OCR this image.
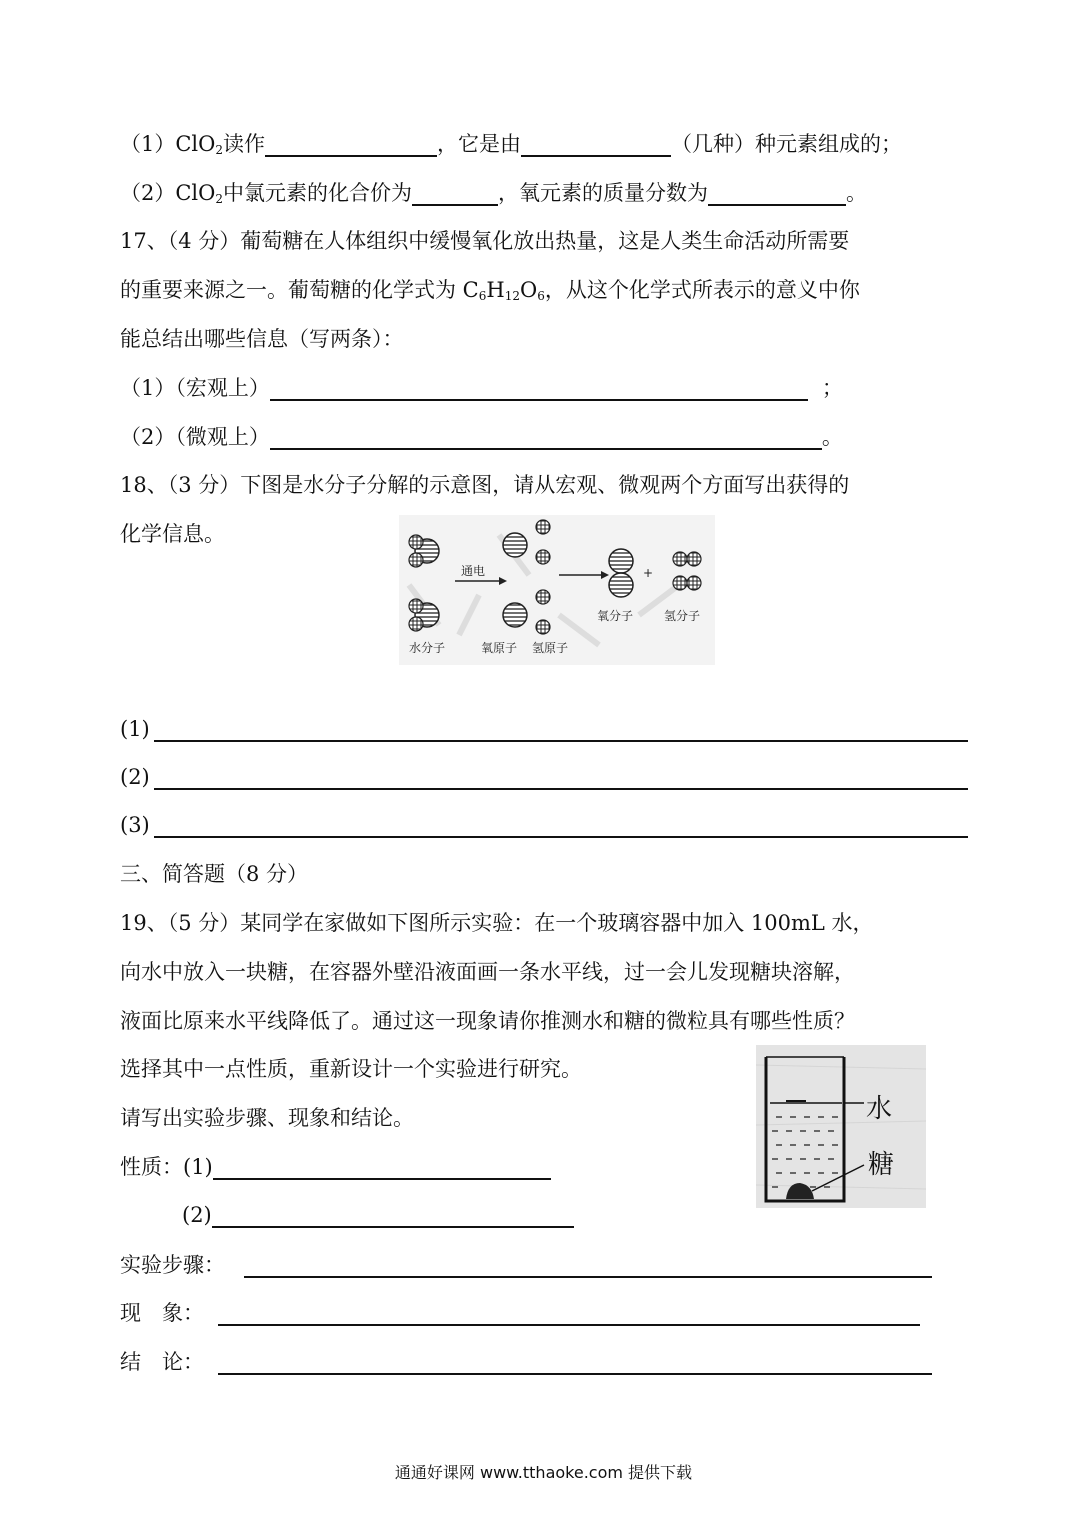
（1）ClO$_2$读作	，它是由	（几种）种元素组成的；
（2）ClO$_2$中氯元素的化合价为	，氧元素的质量分数为	。
17、（4 分）葡萄糖在人体组织中缓慢氧化放出热量，这是人类生命活动所需要
的重要来源之一。葡萄糖的化学式为 $C_6H_{12}O_6$，从这个化学式所表示的意义中你
能总结出哪些信息（写两条）：
（1）（宏观上）	；
（2）（微观上）	。
18、（3 分）下图是水分子分解的示意图，请从宏观、微观两个方面写出获得的
化学信息。
通电	+
水分子	氧原子 氢原子
氧分子	氢分子
(1)
(2)
(3)
三、简答题（8 分）
19、（5 分）某同学在家做如下图所示实验：在一个玻璃容器中加入 100mL 水，
向水中放入一块糖，在容器外壁沿液面画一条水平线，过一会儿发现糖块溶解，
液面比原来水平线降低了。通过这一现象请你推测水和糖的微粒具有哪些性质？
选择其中一点性质，重新设计一个实验进行研究。
请写出实验步骤、现象和结论。	水
糖
性质：(1)
(2)
实验步骤：
现　象：
结　论：
通通好课网 www.tthaoke.com 提供下载
